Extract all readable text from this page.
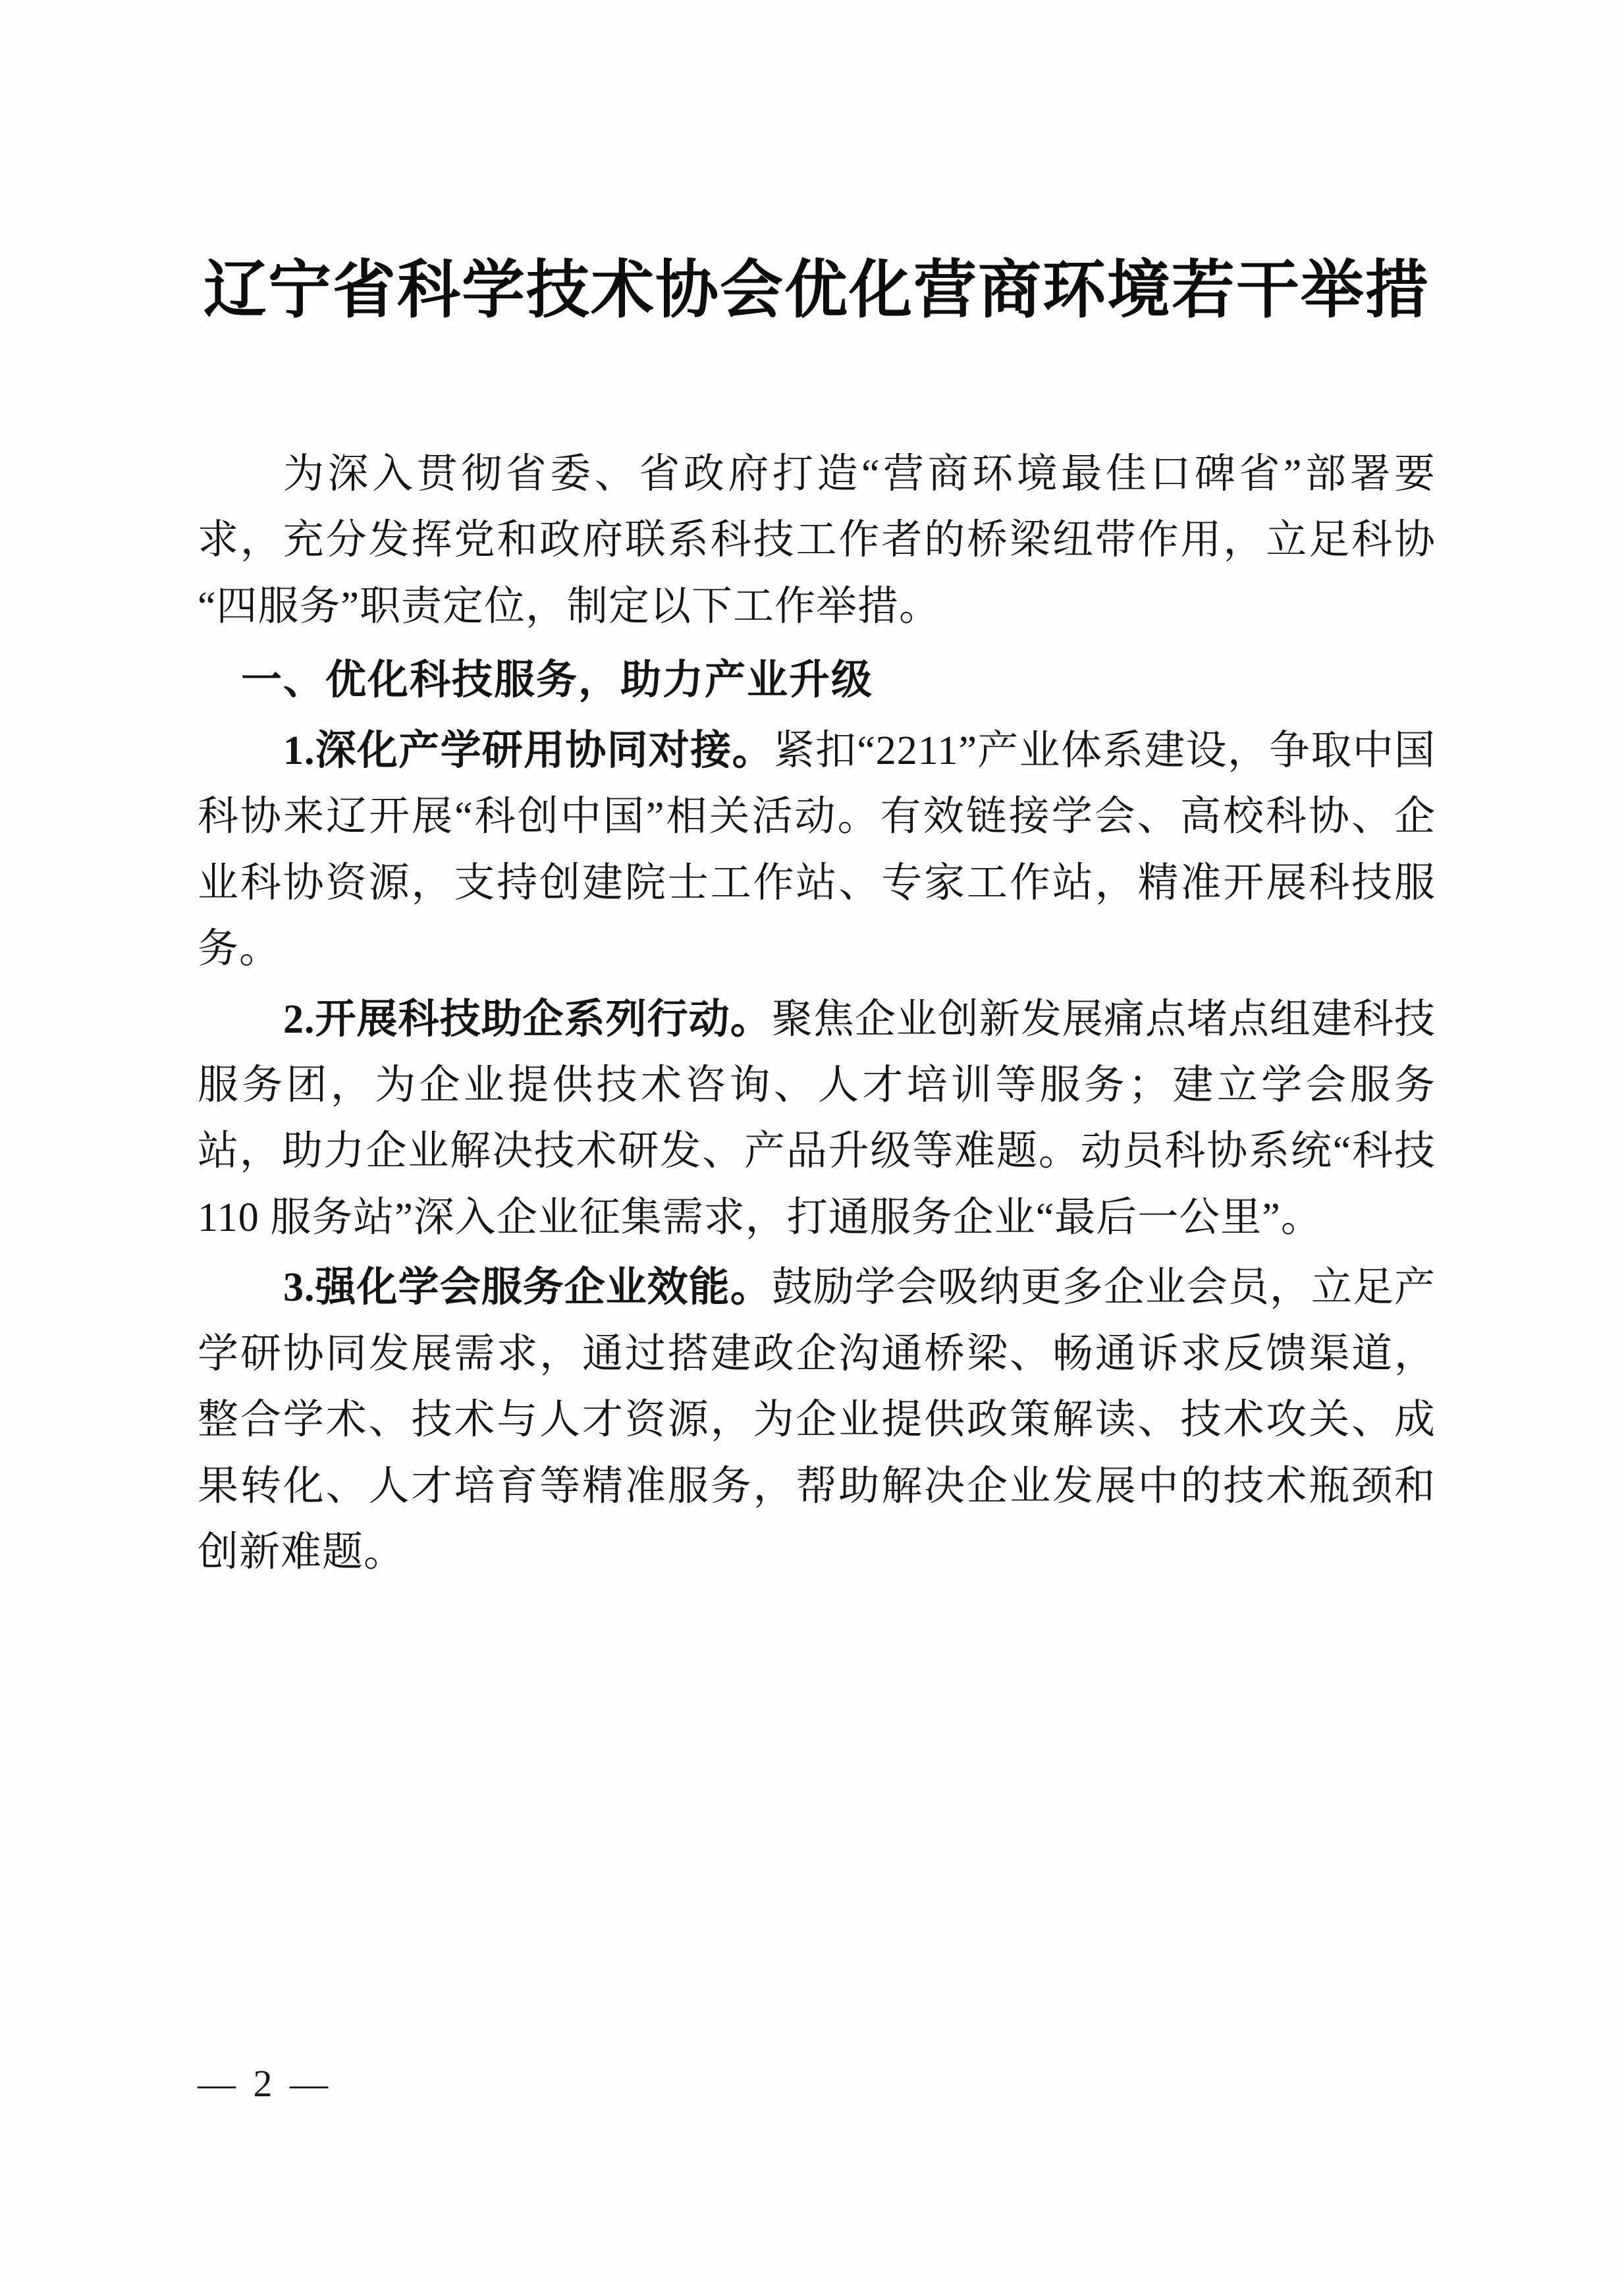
辽宁省科学技术协会优化营商环境若干举措

为深入贯彻省委、省政府打造“营商环境最佳口碑省”部署要求，充分发挥党和政府联系科技工作者的桥梁纽带作用，立足科协“四服务”职责定位，制定以下工作举措。

一、优化科技服务，助力产业升级

1.深化产学研用协同对接。紧扣“2211”产业体系建设，争取中国科协来辽开展“科创中国”相关活动。有效链接学会、高校科协、企业科协资源，支持创建院士工作站、专家工作站，精准开展科技服务。

2.开展科技助企系列行动。聚焦企业创新发展痛点堵点组建科技服务团，为企业提供技术咨询、人才培训等服务；建立学会服务站，助力企业解决技术研发、产品升级等难题。动员科协系统“科技 110 服务站”深入企业征集需求，打通服务企业“最后一公里”。

3.强化学会服务企业效能。鼓励学会吸纳更多企业会员，立足产学研协同发展需求，通过搭建政企沟通桥梁、畅通诉求反馈渠道，整合学术、技术与人才资源，为企业提供政策解读、技术攻关、成果转化、人才培育等精准服务，帮助解决企业发展中的技术瓶颈和创新难题。

— 2 —
